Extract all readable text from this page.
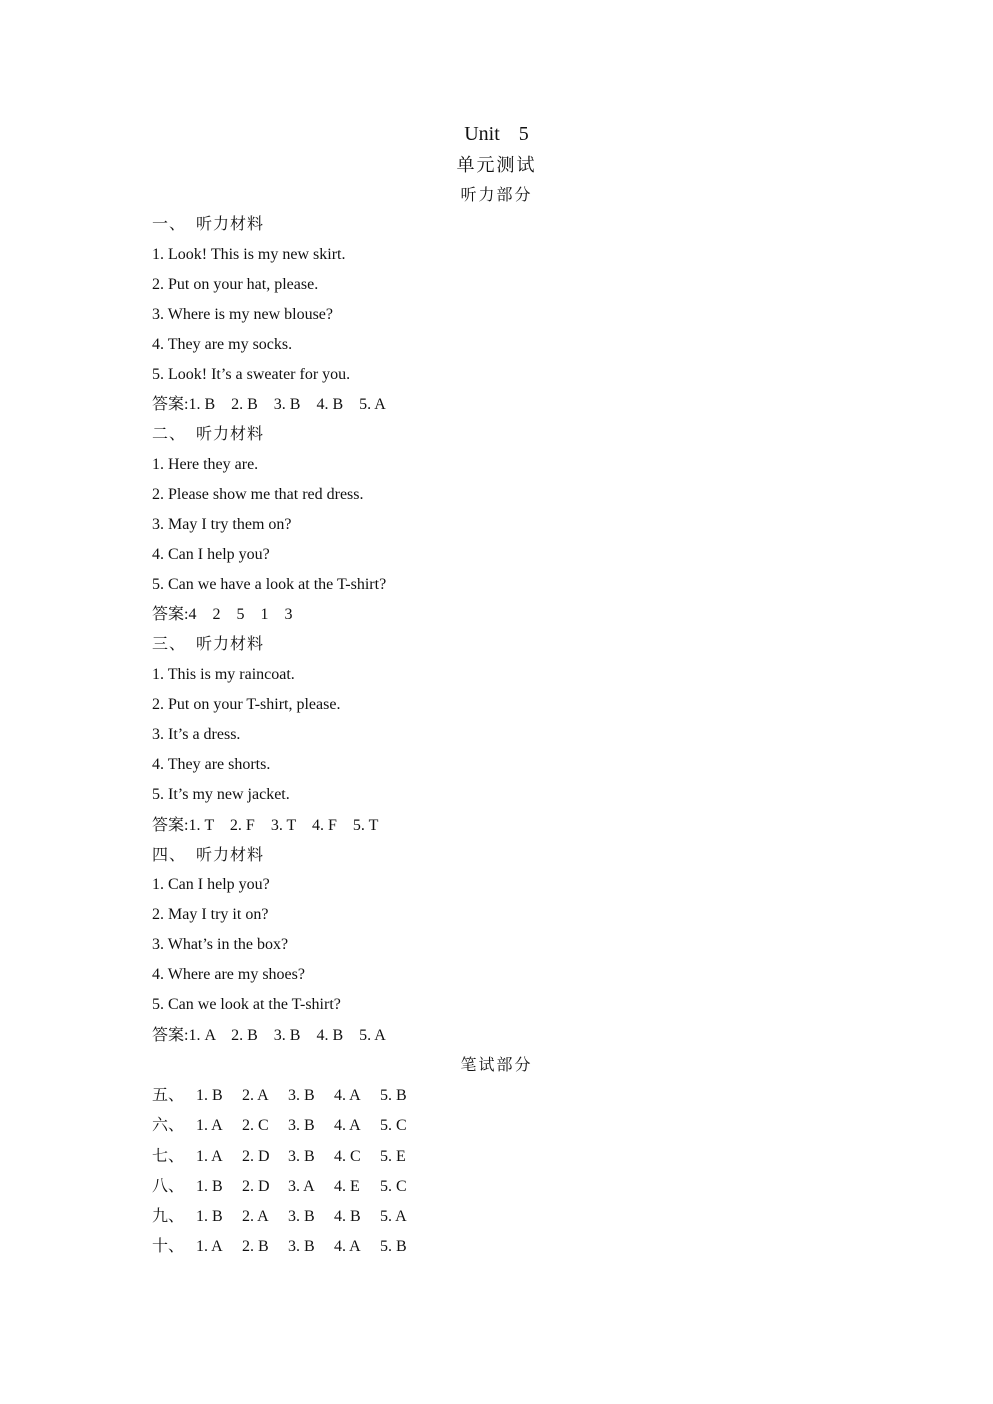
Unit 5
单元测试
听力部分
一、 听力材料
1. Look! This is my new skirt.
2. Put on your hat, please.
3. Where is my new blouse?
4. They are my socks.
5. Look! It’s a sweater for you.
答案:1. B    2. B    3. B    4. B    5. A
二、 听力材料
1. Here they are.
2. Please show me that red dress.
3. May I try them on?
4. Can I help you?
5. Can we have a look at the T-shirt?
答案:4    2    5    1    3
三、 听力材料
1. This is my raincoat.
2. Put on your T-shirt, please.
3. It’s a dress.
4. They are shorts.
5. It’s my new jacket.
答案:1. T    2. F    3. T    4. F    5. T
四、 听力材料
1. Can I help you?
2. May I try it on?
3. What’s in the box?
4. Where are my shoes?
5. Can we look at the T-shirt?
答案:1. A    2. B    3. B    4. B    5. A
笔试部分
五、 1. B 2. A 3. B 4. A 5. B
六、 1. A 2. C 3. B 4. A 5. C
七、 1. A 2. D 3. B 4. C 5. E
八、 1. B 2. D 3. A 4. E 5. C
九、 1. B 2. A 3. B 4. B 5. A
十、 1. A 2. B 3. B 4. A 5. B
